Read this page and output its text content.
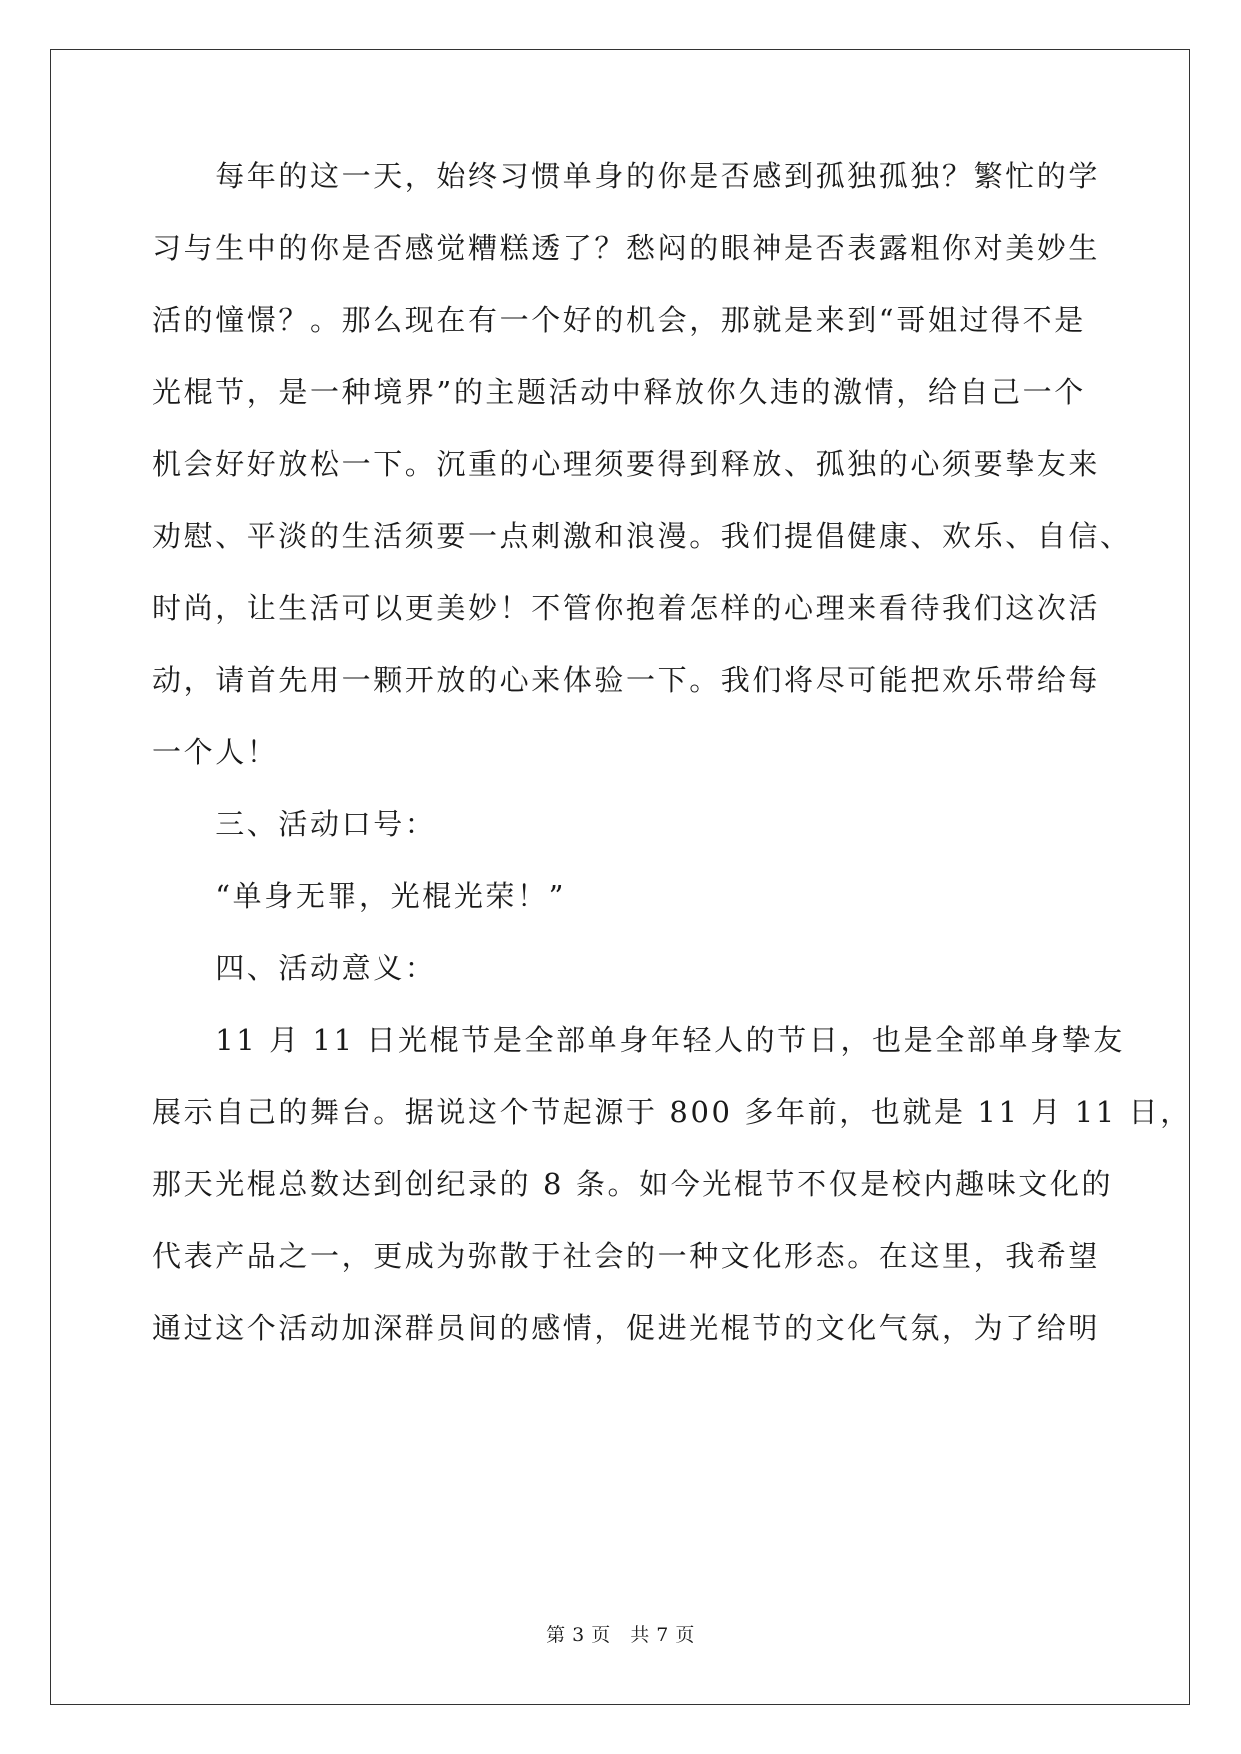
　　每年的这一天，始终习惯单身的你是否感到孤独孤独？繁忙的学
习与生中的你是否感觉糟糕透了？愁闷的眼神是否表露粗你对美妙生
活的憧憬？。那么现在有一个好的机会，那就是来到“哥姐过得不是
光棍节，是一种境界”的主题活动中释放你久违的激情，给自己一个
机会好好放松一下。沉重的心理须要得到释放、孤独的心须要挚友来
劝慰、平淡的生活须要一点刺激和浪漫。我们提倡健康、欢乐、自信、
时尚，让生活可以更美妙！不管你抱着怎样的心理来看待我们这次活
动，请首先用一颗开放的心来体验一下。我们将尽可能把欢乐带给每
一个人！
　　三、活动口号：
　　“单身无罪，光棍光荣！”
　　四、活动意义：
　　11 月 11 日光棍节是全部单身年轻人的节日，也是全部单身挚友
展示自己的舞台。据说这个节起源于 800 多年前，也就是 11 月 11 日，
那天光棍总数达到创纪录的 8 条。如今光棍节不仅是校内趣味文化的
代表产品之一，更成为弥散于社会的一种文化形态。在这里，我希望
通过这个活动加深群员间的感情，促进光棍节的文化气氛，为了给明
第 3 页　共 7 页
